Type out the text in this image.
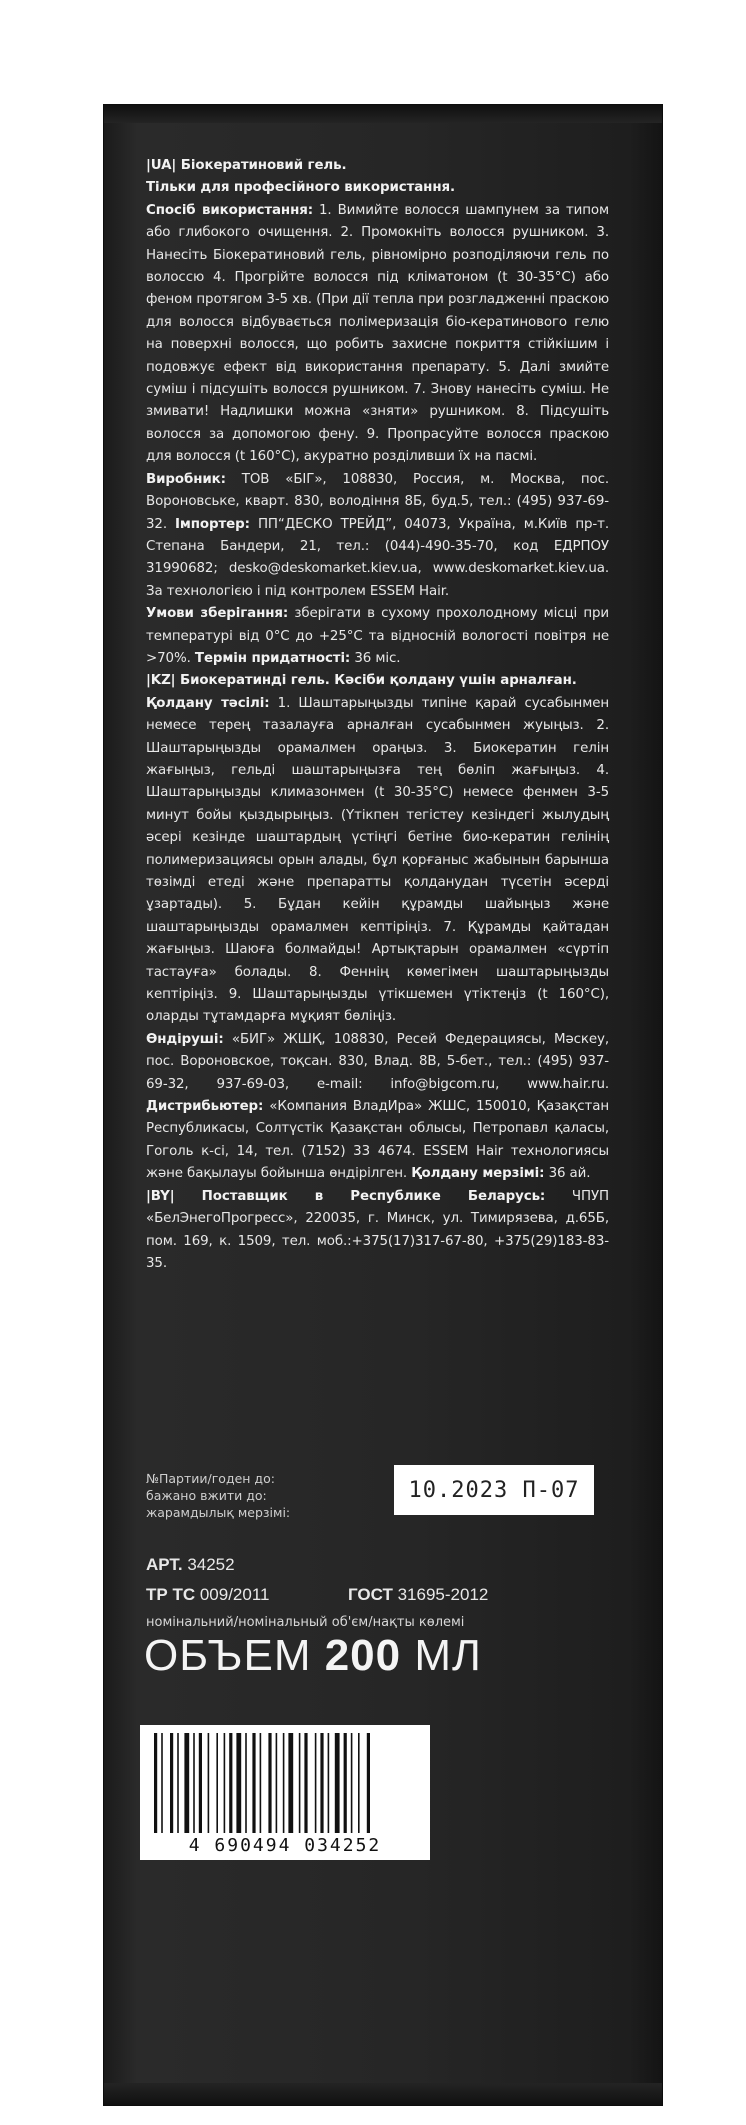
|UA| Біокератиновий гель.
Тільки для професійного використання.
Спосіб використання: 1. Вимийте волосся шампунем за типом або глибокого очищення. 2. Промокніть волосся рушником. 3. Нанесіть Біокератиновий гель, рівномірно розподіляючи гель по волоссю 4. Прогрійте волосся під кліматоном (t 30-35°C) або феном протягом 3-5 хв. (При дії тепла при розгладженні праскою для волосся відбувається полімеризація біо-кератинового гелю на поверхні волосся, що робить захисне покриття стійкішим і подовжує ефект від використання препарату. 5. Далі змийте суміш і підсушіть волосся рушником. 7. Знову нанесіть суміш. Не змивати! Надлишки можна «зняти» рушником. 8. Підсушіть волосся за допомогою фену. 9. Пропрасуйте волосся праскою для волосся (t 160°C), акуратно розділивши їх на пасмі.
Виробник: ТОВ «БІГ», 108830, Россия, м. Москва, пос. Вороновське, кварт. 830, володіння 8Б, буд.5, тел.: (495) 937-69-32. Імпортер: ПП“ДЕСКО ТРЕЙД”, 04073, Україна, м.Київ пр-т. Степана Бандери, 21, тел.: (044)-490-35-70, код ЕДРПОУ 31990682; desko@deskomarket.kiev.ua, www.deskomarket.kiev.ua. За технологією і під контролем ESSEM Hair.
Умови зберігання: зберігати в сухому прохолодному місці при температурі від 0°С до +25°С та відносній вологості повітря не >70%. Термін придатності: 36 міс.

|KZ| Биокератинді гель. Кәсіби қолдану үшін арналған.
Қолдану тәсілі: 1. Шаштарыңызды типіне қарай сусабынмен немесе терең тазалауға арналған сусабынмен жуыңыз. 2. Шаштарыңызды орамалмен ораңыз. 3. Биокератин гелін жағыңыз, гельді шаштарыңызға тең бөліп жағыңыз. 4. Шаштарыңызды климазонмен (t 30-35°C) немесе фенмен 3-5 минут бойы қыздырыңыз. (Үтікпен тегістеу кезіндегі жылудың әсері кезінде шаштардың үстіңгі бетіне био-кератин гелінің полимеризациясы орын алады, бұл қорғаныс жабынын барынша төзімді етеді және препаратты қолданудан түсетін әсерді ұзартады). 5. Бұдан кейін құрамды шайыңыз және шаштарыңызды орамалмен кептіріңіз. 7. Құрамды қайтадан жағыңыз. Шаюға болмайды! Артықтарын орамалмен «сүртіп тастауға» болады. 8. Феннің көмегімен шаштарыңызды кептіріңіз. 9. Шаштарыңызды үтікшемен үтіктеңіз (t 160°C), оларды тұтамдарға мұқият бөліңіз.
Өндіруші: «БИГ» ЖШҚ, 108830, Ресей Федерациясы, Мәскеу, пос. Вороновское, тоқсан. 830, Влад. 8В, 5-бет., тел.: (495) 937-69-32, 937-69-03, e-mail: info@bigcom.ru, www.hair.ru. Дистрибьютер: «Компания ВладИра» ЖШС, 150010, Қазақстан Республикасы, Солтүстік Қазақстан облысы, Петропавл қаласы, Гоголь к-сі, 14, тел. (7152) 33 4674. ESSEM Hair технологиясы және бақылауы бойынша өндірілген. Қолдану мерзімі: 36 ай.

|BY| Поставщик в Республике Беларусь: ЧПУП «БелЭнегоПрогресс», 220035, г. Минск, ул. Тимирязева, д.65Б, пом. 169, к. 1509, тел. моб.:+375(17)317-67-80, +375(29)183-83-35.

№Партии/годен до:
бажано вжити до:
жарамдылық мерзімі:
10.2023 П-07
АРТ. 34252
ТР ТС 009/2011	ГОСТ 31695-2012
номінальний/номінальный об'єм/нақты көлемі
ОБЪЕМ 200 МЛ
4 690494 034252
